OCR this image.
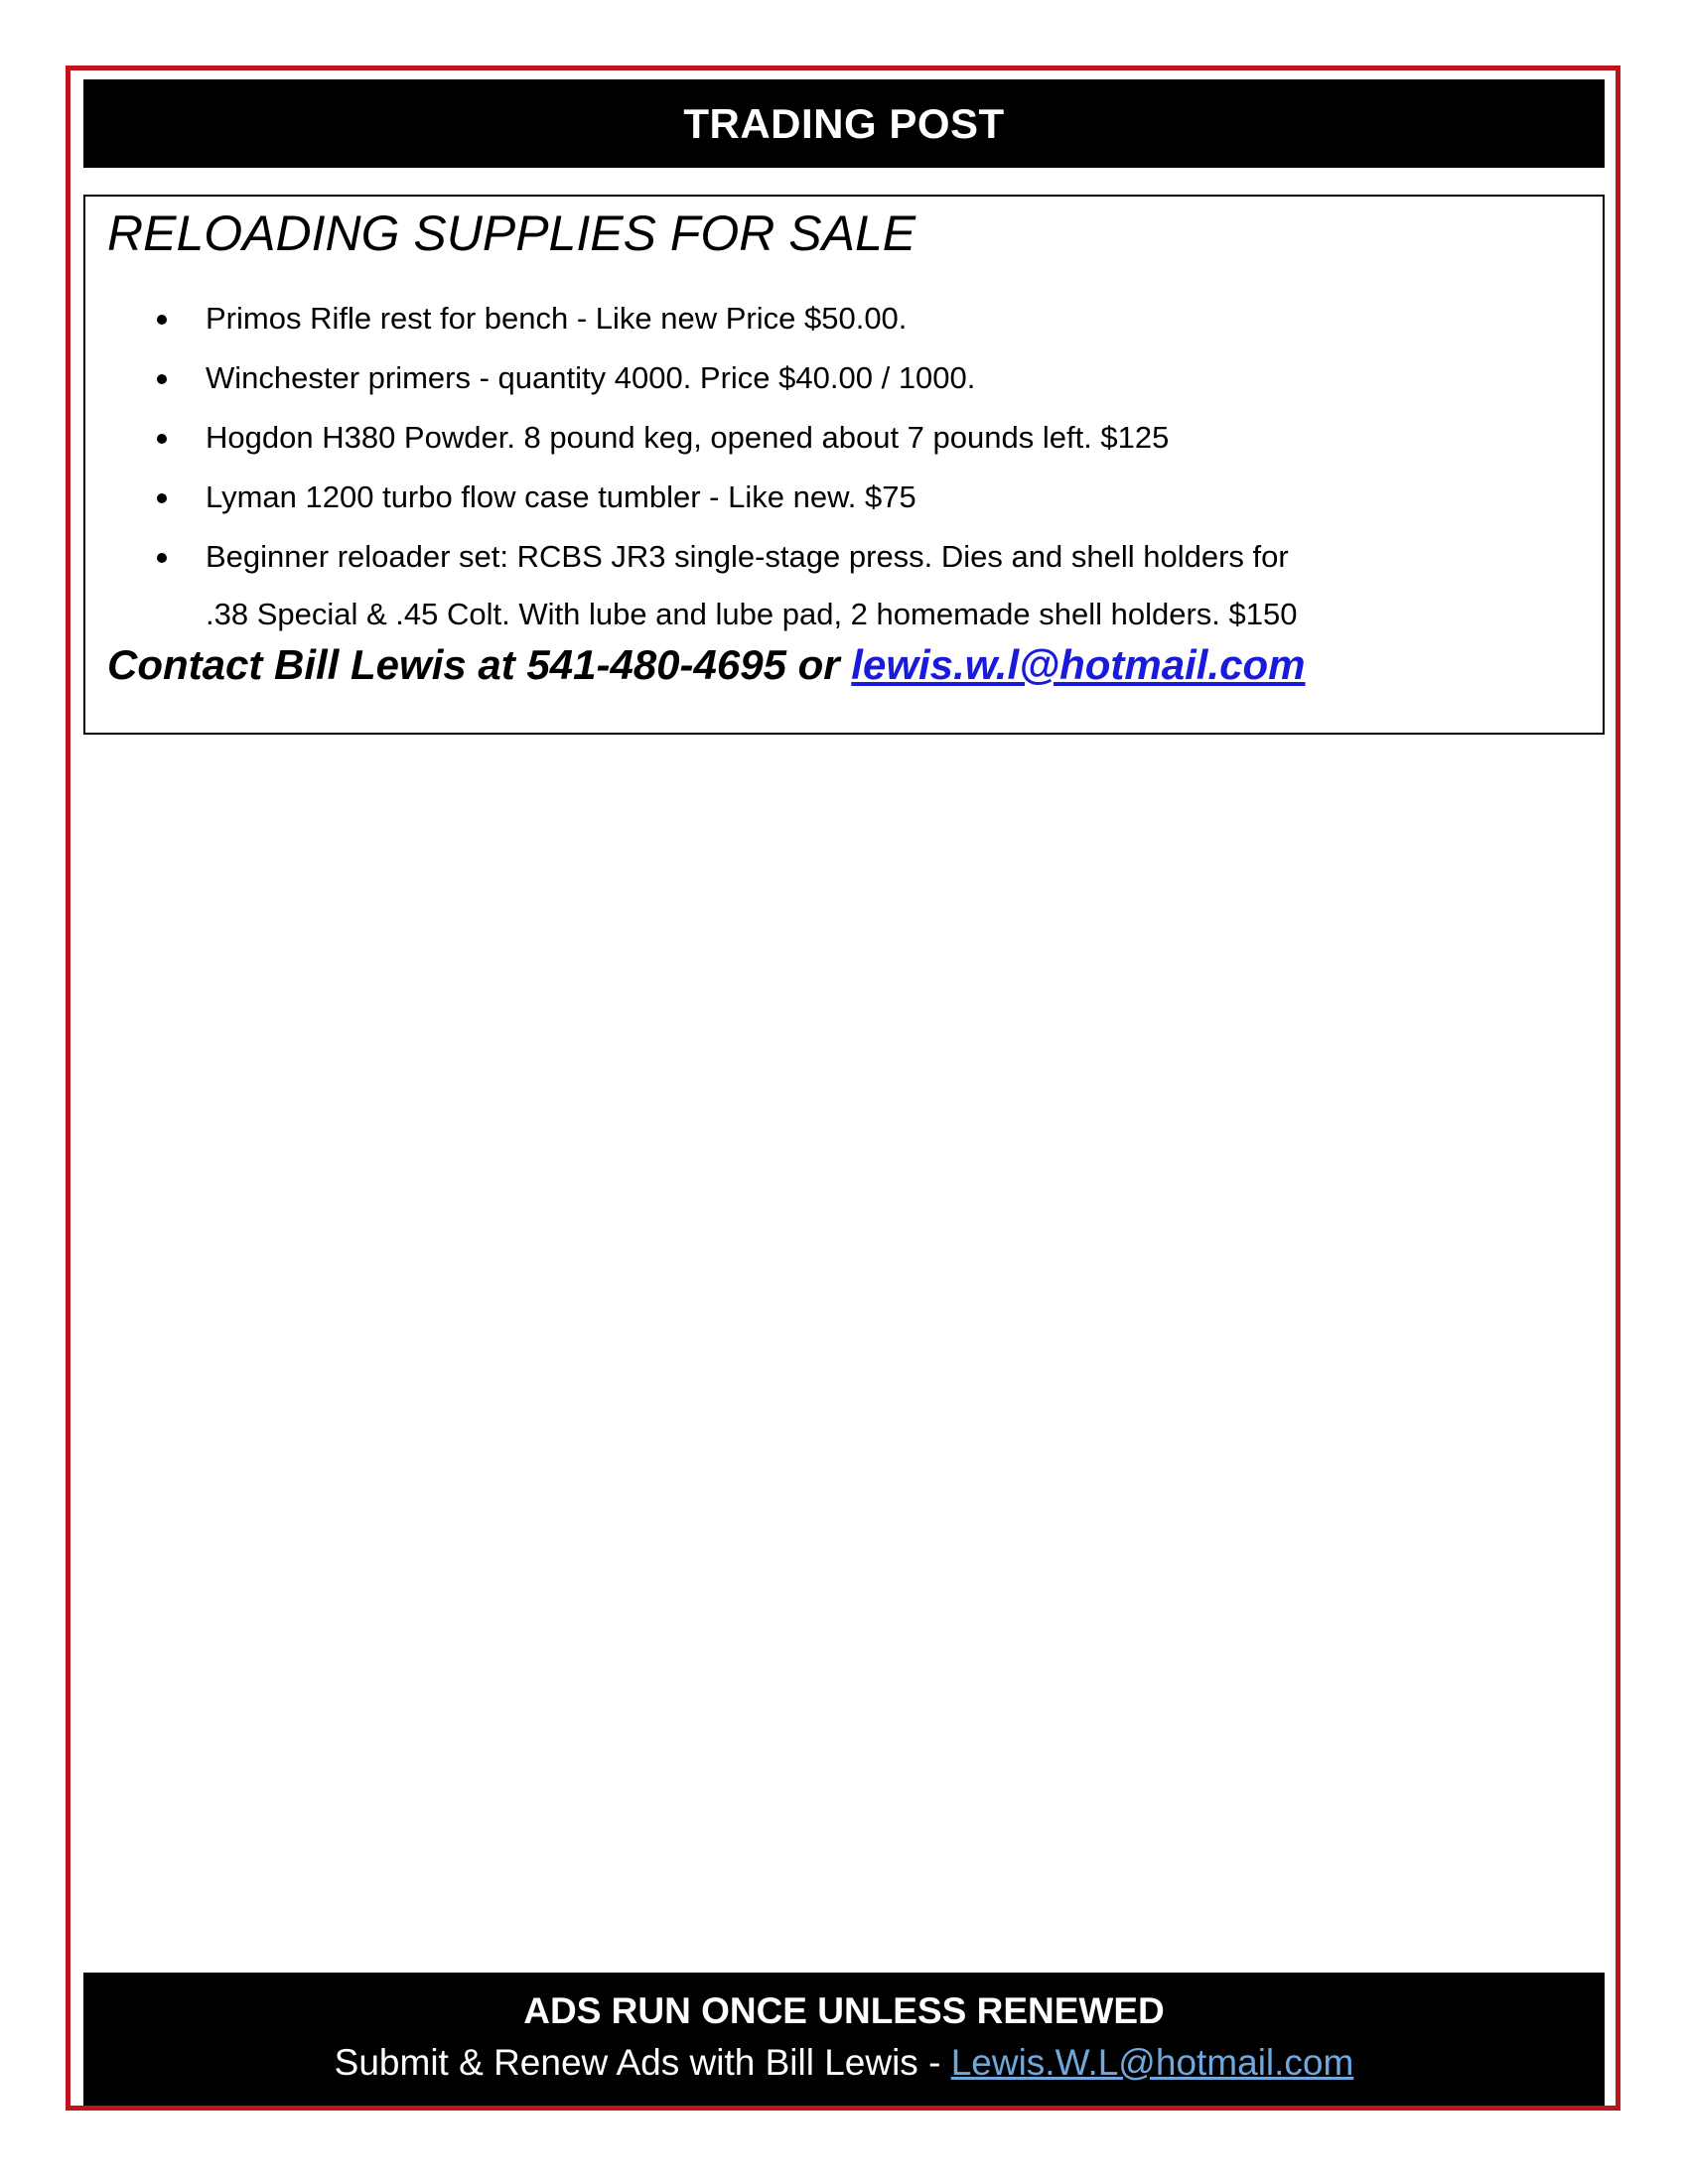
TRADING POST
RELOADING SUPPLIES FOR SALE
Primos Rifle rest for bench - Like new Price $50.00.
Winchester primers - quantity 4000. Price $40.00 / 1000.
Hogdon H380 Powder. 8 pound keg, opened about 7 pounds left. $125
Lyman 1200 turbo flow case tumbler - Like new. $75
Beginner reloader set: RCBS JR3 single-stage press. Dies and shell holders for
.38 Special & .45 Colt. With lube and lube pad, 2 homemade shell holders. $150
Contact Bill Lewis at 541-480-4695 or lewis.w.l@hotmail.com
ADS RUN ONCE UNLESS RENEWED
Submit & Renew Ads with Bill Lewis - Lewis.W.L@hotmail.com
